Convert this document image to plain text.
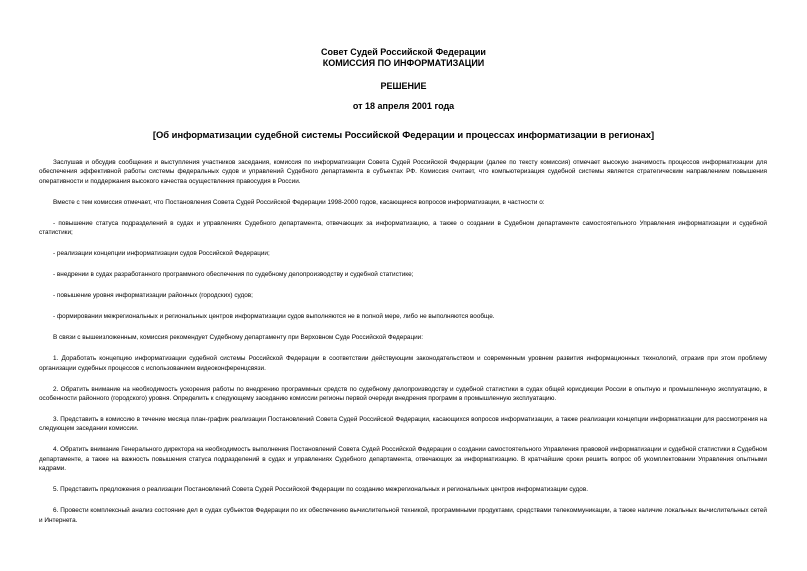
Совет Судей Российской Федерации
КОМИССИЯ ПО ИНФОРМАТИЗАЦИИ
РЕШЕНИЕ
от 18 апреля 2001 года
[Об информатизации судебной системы Российской Федерации и процессах информатизации в регионах]

Заслушав и обсудив сообщения и выступления участников заседания, комиссия по информатизации Совета Судей Российской Федерации (далее по тексту комиссия) отмечает высокую значимость процессов информатизации для обеспечения эффективной работы системы федеральных судов и управлений Судебного департамента в субъектах РФ. Комиссия считает, что компьютеризация судебной системы является стратегическим направлением повышения оперативности и поддержания высокого качества осуществления правосудия в России.

Вместе с тем комиссия отмечает, что Постановления Совета Судей Российской Федерации 1998-2000 годов, касающиеся вопросов информатизации, в частности о:

- повышение статуса подразделений в судах и управлениях Судебного департамента, отвечающих за информатизацию, а также о создании в Судебном департаменте самостоятельного Управления информатизации и судебной статистики;

- реализации концепции информатизации судов Российской Федерации;

- внедрении в судах разработанного программного обеспечения по судебному делопроизводству и судебной статистике;

- повышение уровня информатизации районных (городских) судов;

- формировании межрегиональных и региональных центров информатизации судов выполняются не в полной мере, либо не выполняются вообще.

В связи с вышеизложенным, комиссия рекомендует Судебному департаменту при Верховном Суде Российской Федерации:

1. Доработать концепцию информатизации судебной системы Российской Федерации в соответствии действующим законодательством и современным уровнем развития информационных технологий, отразив при этом проблему организации судебных процессов с использованием видеоконференцсвязи.

2. Обратить внимание на необходимость ускорения работы по внедрению программных средств по судебному делопроизводству и судебной статистики в судах общей юрисдикции России в опытную и промышленную эксплуатацию, в особенности районного (городского) уровня. Определить к следующему заседанию комиссии регионы первой очереди внедрения программ в промышленную эксплуатацию.

3. Представить в комиссию в течение месяца план-график реализации Постановлений Совета Судей Российской Федерации, касающихся вопросов информатизации, а также реализации концепции информатизации для рассмотрения на следующем заседании комиссии.

4. Обратить внимание Генерального директора на необходимость выполнения Постановлений Совета Судей Российской Федерации о создании самостоятельного Управления правовой информатизации и судебной статистики в Судебном департаменте, а также на важность повышения статуса подразделений в судах и управлениях Судебного департамента, отвечающих за информатизацию. В кратчайшие сроки решить вопрос об укомплектовании Управления опытными кадрами.

5. Представить предложения о реализации Постановлений Совета Судей Российской Федерации по созданию межрегиональных и региональных центров информатизации судов.

6. Провести комплексный анализ состояние дел в судах субъектов Федерации по их обеспечению вычислительной техникой, программными продуктами, средствами телекоммуникации, а также наличие локальных вычислительных сетей и Интернета.
